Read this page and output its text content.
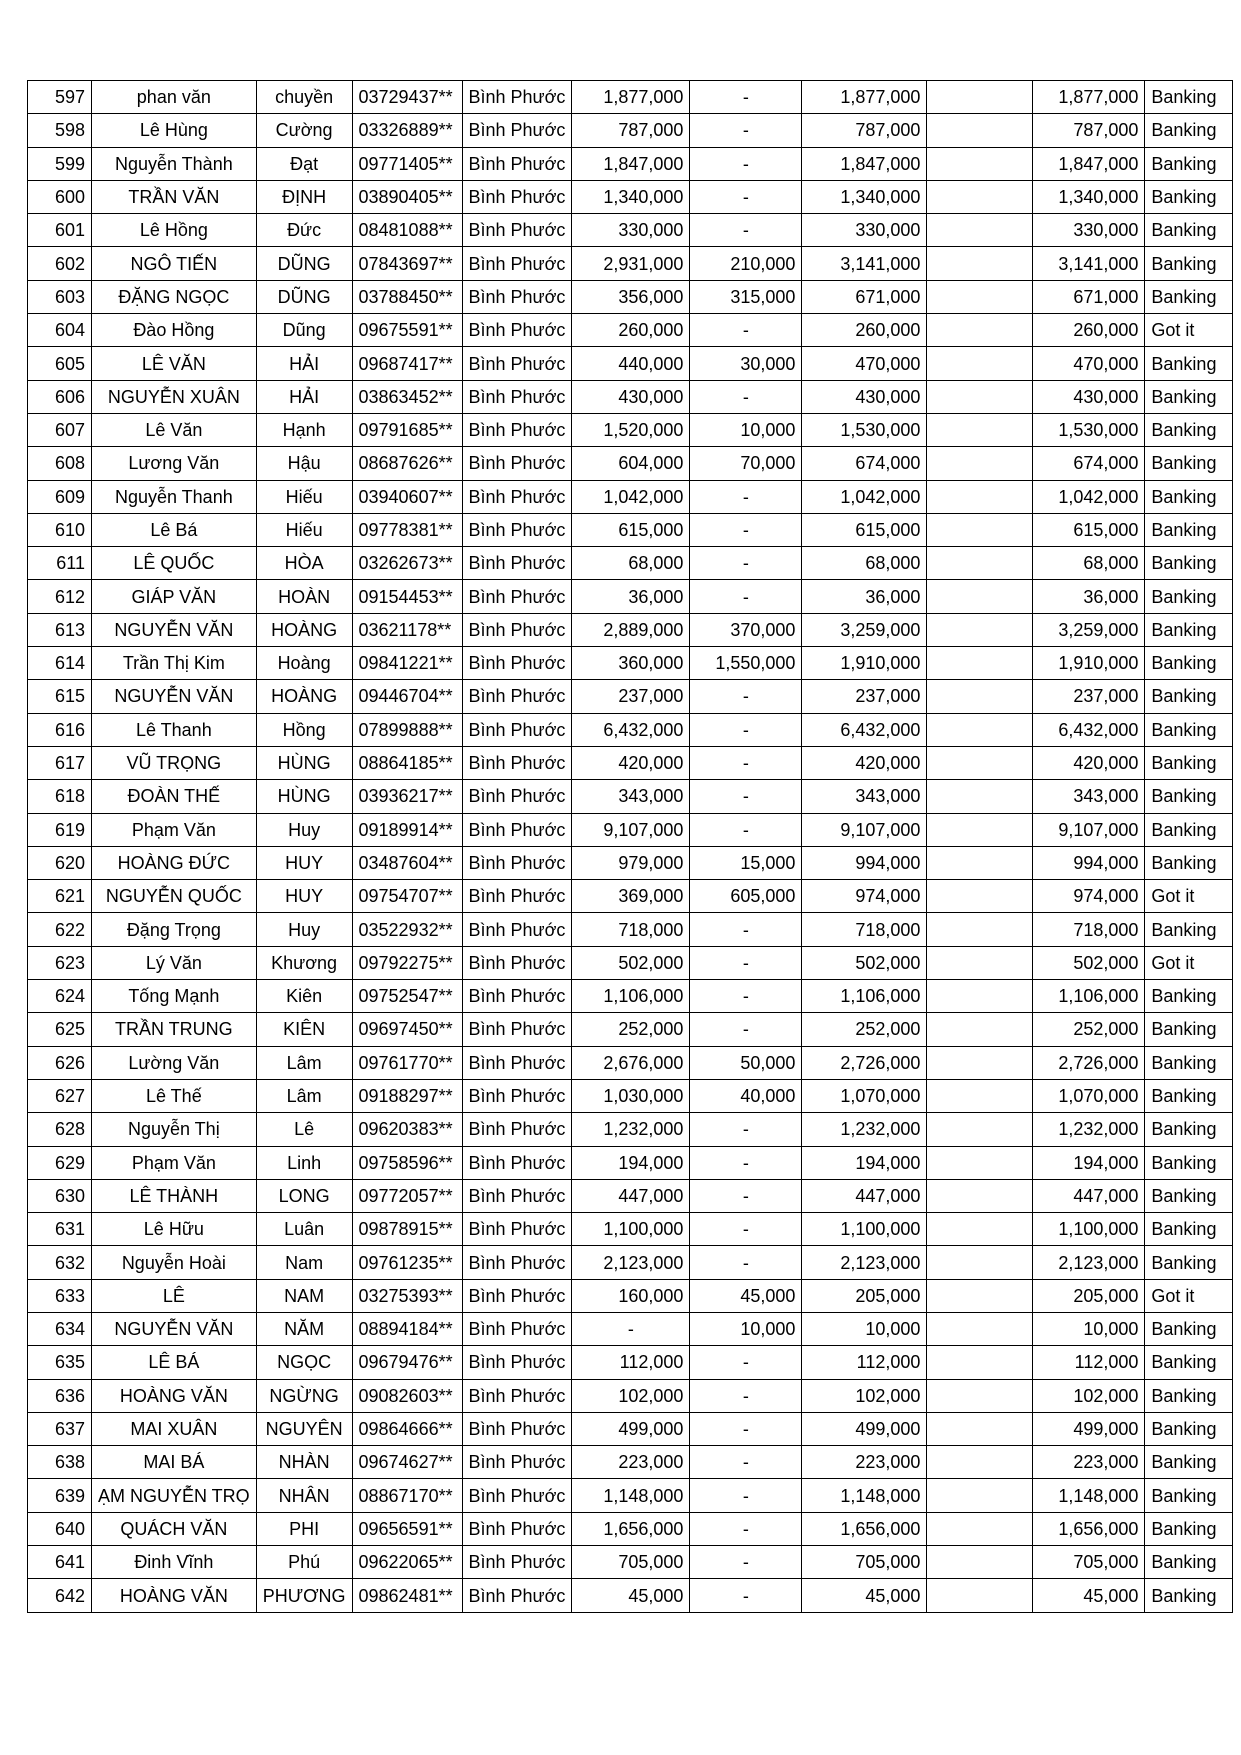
597	phan văn	chuyền	03729437**	Bình Phước	1,877,000	-	1,877,000		1,877,000	Banking
598	Lê Hùng	Cường	03326889**	Bình Phước	787,000	-	787,000		787,000	Banking
599	Nguyễn Thành	Đạt	09771405**	Bình Phước	1,847,000	-	1,847,000		1,847,000	Banking
600	TRẦN VĂN	ĐỊNH	03890405**	Bình Phước	1,340,000	-	1,340,000		1,340,000	Banking
601	Lê Hồng	Đức	08481088**	Bình Phước	330,000	-	330,000		330,000	Banking
602	NGÔ TIẾN	DŨNG	07843697**	Bình Phước	2,931,000	210,000	3,141,000		3,141,000	Banking
603	ĐẶNG NGỌC	DŨNG	03788450**	Bình Phước	356,000	315,000	671,000		671,000	Banking
604	Đào Hồng	Dũng	09675591**	Bình Phước	260,000	-	260,000		260,000	Got it
605	LÊ VĂN	HẢI	09687417**	Bình Phước	440,000	30,000	470,000		470,000	Banking
606	NGUYỄN XUÂN	HẢI	03863452**	Bình Phước	430,000	-	430,000		430,000	Banking
607	Lê Văn	Hạnh	09791685**	Bình Phước	1,520,000	10,000	1,530,000		1,530,000	Banking
608	Lương Văn	Hậu	08687626**	Bình Phước	604,000	70,000	674,000		674,000	Banking
609	Nguyễn Thanh	Hiếu	03940607**	Bình Phước	1,042,000	-	1,042,000		1,042,000	Banking
610	Lê Bá	Hiếu	09778381**	Bình Phước	615,000	-	615,000		615,000	Banking
611	LÊ QUỐC	HÒA	03262673**	Bình Phước	68,000	-	68,000		68,000	Banking
612	GIÁP VĂN	HOÀN	09154453**	Bình Phước	36,000	-	36,000		36,000	Banking
613	NGUYỄN VĂN	HOÀNG	03621178**	Bình Phước	2,889,000	370,000	3,259,000		3,259,000	Banking
614	Trần Thị Kim	Hoàng	09841221**	Bình Phước	360,000	1,550,000	1,910,000		1,910,000	Banking
615	NGUYỄN VĂN	HOÀNG	09446704**	Bình Phước	237,000	-	237,000		237,000	Banking
616	Lê Thanh	Hồng	07899888**	Bình Phước	6,432,000	-	6,432,000		6,432,000	Banking
617	VŨ TRỌNG	HÙNG	08864185**	Bình Phước	420,000	-	420,000		420,000	Banking
618	ĐOÀN THẾ	HÙNG	03936217**	Bình Phước	343,000	-	343,000		343,000	Banking
619	Phạm Văn	Huy	09189914**	Bình Phước	9,107,000	-	9,107,000		9,107,000	Banking
620	HOÀNG ĐỨC	HUY	03487604**	Bình Phước	979,000	15,000	994,000		994,000	Banking
621	NGUYỄN QUỐC	HUY	09754707**	Bình Phước	369,000	605,000	974,000		974,000	Got it
622	Đặng Trọng	Huy	03522932**	Bình Phước	718,000	-	718,000		718,000	Banking
623	Lý Văn	Khương	09792275**	Bình Phước	502,000	-	502,000		502,000	Got it
624	Tống Mạnh	Kiên	09752547**	Bình Phước	1,106,000	-	1,106,000		1,106,000	Banking
625	TRẦN TRUNG	KIÊN	09697450**	Bình Phước	252,000	-	252,000		252,000	Banking
626	Lường Văn	Lâm	09761770**	Bình Phước	2,676,000	50,000	2,726,000		2,726,000	Banking
627	Lê Thế	Lâm	09188297**	Bình Phước	1,030,000	40,000	1,070,000		1,070,000	Banking
628	Nguyễn Thị	Lê	09620383**	Bình Phước	1,232,000	-	1,232,000		1,232,000	Banking
629	Phạm Văn	Linh	09758596**	Bình Phước	194,000	-	194,000		194,000	Banking
630	LÊ THÀNH	LONG	09772057**	Bình Phước	447,000	-	447,000		447,000	Banking
631	Lê Hữu	Luân	09878915**	Bình Phước	1,100,000	-	1,100,000		1,100,000	Banking
632	Nguyễn Hoài	Nam	09761235**	Bình Phước	2,123,000	-	2,123,000		2,123,000	Banking
633	LÊ	NAM	03275393**	Bình Phước	160,000	45,000	205,000		205,000	Got it
634	NGUYỄN VĂN	NĂM	08894184**	Bình Phước	-	10,000	10,000		10,000	Banking
635	LÊ BÁ	NGỌC	09679476**	Bình Phước	112,000	-	112,000		112,000	Banking
636	HOÀNG VĂN	NGỪNG	09082603**	Bình Phước	102,000	-	102,000		102,000	Banking
637	MAI XUÂN	NGUYÊN	09864666**	Bình Phước	499,000	-	499,000		499,000	Banking
638	MAI BÁ	NHÀN	09674627**	Bình Phước	223,000	-	223,000		223,000	Banking
639	ẠM NGUYỄN TRỌ	NHÂN	08867170**	Bình Phước	1,148,000	-	1,148,000		1,148,000	Banking
640	QUÁCH VĂN	PHI	09656591**	Bình Phước	1,656,000	-	1,656,000		1,656,000	Banking
641	Đinh Vĩnh	Phú	09622065**	Bình Phước	705,000	-	705,000		705,000	Banking
642	HOÀNG VĂN	PHƯƠNG	09862481**	Bình Phước	45,000	-	45,000		45,000	Banking
